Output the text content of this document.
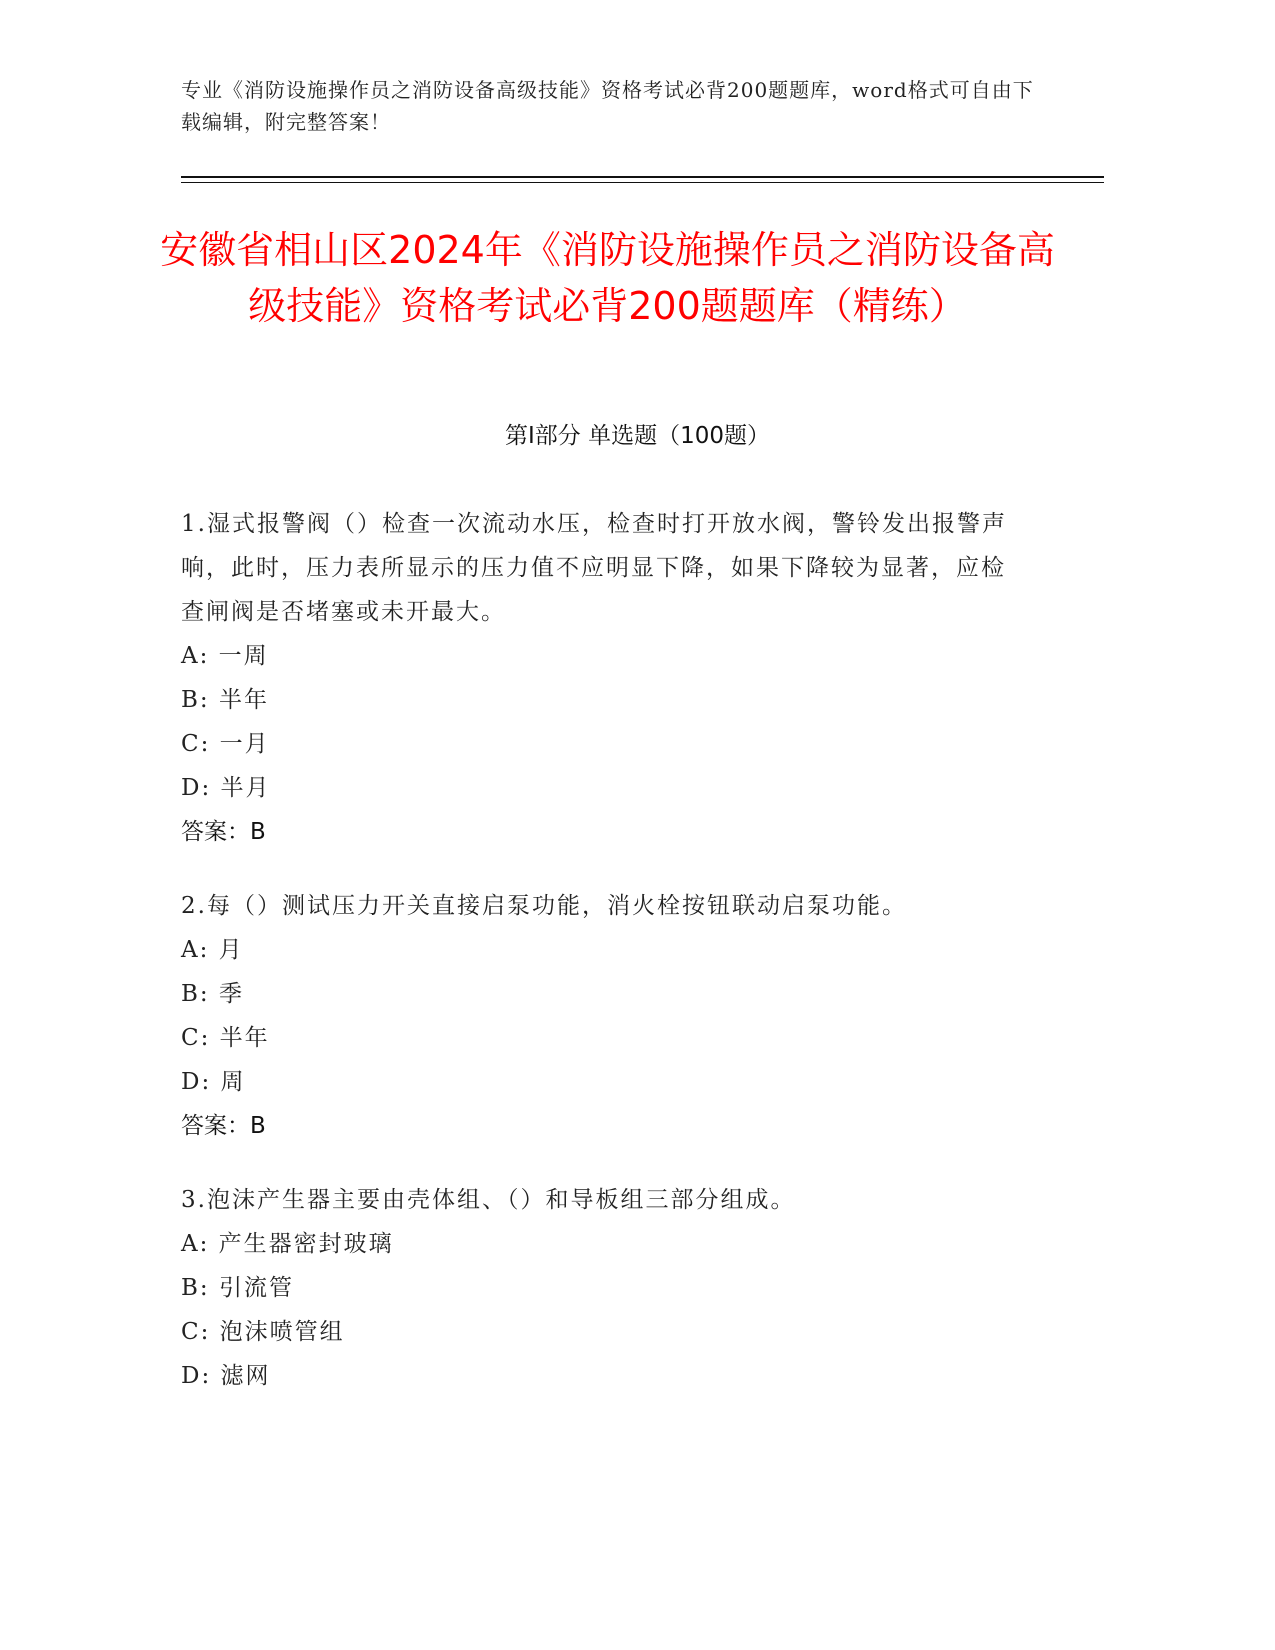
专业《消防设施操作员之消防设备高级技能》资格考试必背200题题库，word格式可自由下载编辑，附完整答案！
安徽省相山区2024年《消防设施操作员之消防设备高级技能》资格考试必背200题题库（精练）
第Ⅰ部分 单选题（100题）
1.湿式报警阀（）检查一次流动水压，检查时打开放水阀，警铃发出报警声响，此时，压力表所显示的压力值不应明显下降，如果下降较为显著，应检查闸阀是否堵塞或未开最大。
A: 一周
B: 半年
C: 一月
D: 半月
答案：B
2.每（）测试压力开关直接启泵功能，消火栓按钮联动启泵功能。
A: 月
B: 季
C: 半年
D: 周
答案：B
3.泡沫产生器主要由壳体组、（）和导板组三部分组成。
A: 产生器密封玻璃
B: 引流管
C: 泡沫喷管组
D: 滤网
